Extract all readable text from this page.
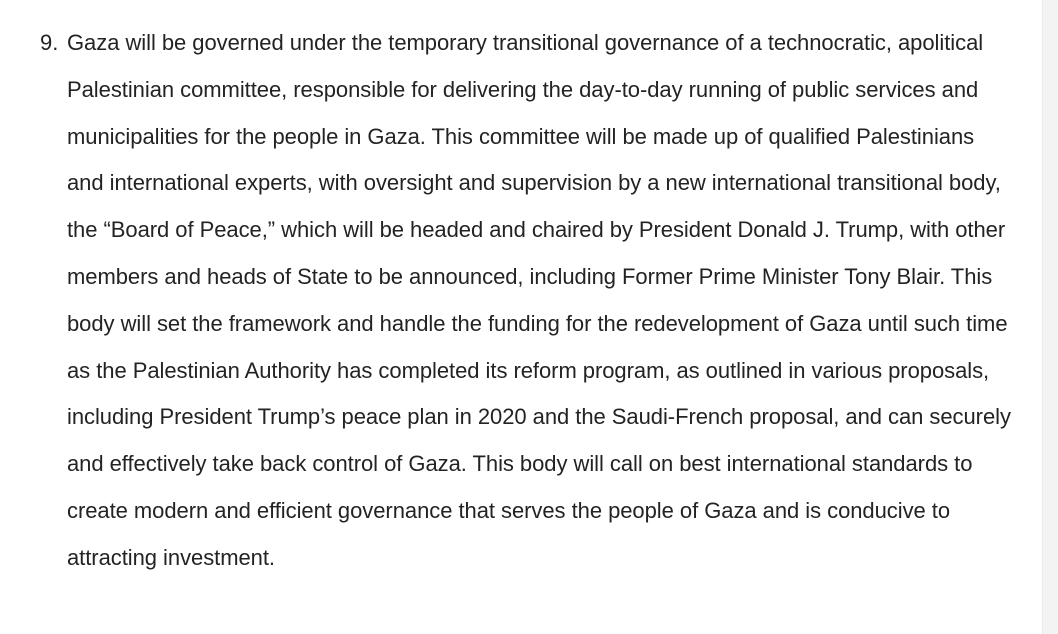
9. Gaza will be governed under the temporary transitional governance of a technocratic, apolitical Palestinian committee, responsible for delivering the day-to-day running of public services and municipalities for the people in Gaza. This committee will be made up of qualified Palestinians and international experts, with oversight and supervision by a new international transitional body, the “Board of Peace,” which will be headed and chaired by President Donald J. Trump, with other members and heads of State to be announced, including Former Prime Minister Tony Blair. This body will set the framework and handle the funding for the redevelopment of Gaza until such time as the Palestinian Authority has completed its reform program, as outlined in various proposals, including President Trump’s peace plan in 2020 and the Saudi-French proposal, and can securely and effectively take back control of Gaza. This body will call on best international standards to create modern and efficient governance that serves the people of Gaza and is conducive to attracting investment.
